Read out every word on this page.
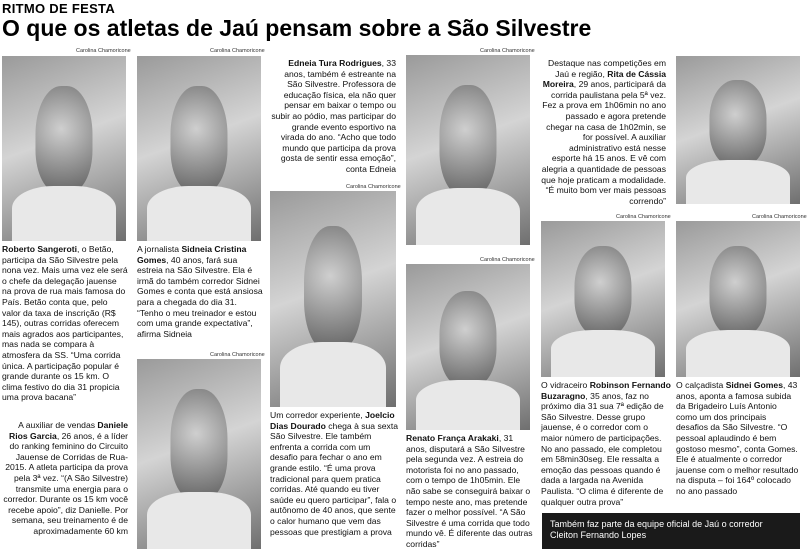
RITMO DE FESTA
O que os atletas de Jaú pensam sobre a São Silvestre
Carolina Chamoricone
Roberto Sangeroti, o Betão, participa da São Silvestre pela nona vez. Mais uma vez ele será o chefe da delegação jauense na prova de rua mais famosa do País. Betão conta que, pelo valor da taxa de inscrição (R$ 145), outras corridas oferecem mais agrados aos participantes, mas nada se compara à atmosfera da SS. “Uma corrida única. A participação popular é grande durante os 15 km. O clima festivo do dia 31 propicia uma prova bacana”
A auxiliar de vendas Daniele Rios Garcia, 26 anos, é a líder do ranking feminino do Circuito Jauense de Corridas de Rua-2015. A atleta participa da prova pela 3ª vez. “(A São Silvestre) transmite uma energia para o corredor. Durante os 15 km você recebe apoio”, diz Danielle. Por semana, seu treinamento é de aproximadamente 60 km
Carolina Chamoricone
A jornalista Sidneia Cristina Gomes, 40 anos, fará sua estreia na São Silvestre. Ela é irmã do também corredor Sidnei Gomes e conta que está ansiosa para a chegada do dia 31. “Tenho o meu treinador e estou com uma grande expectativa”, afirma Sidneia
Carolina Chamoricone
Edneia Tura Rodrigues, 33 anos, também é estreante na São Silvestre. Professora de educação física, ela não quer pensar em baixar o tempo ou subir ao pódio, mas participar do grande evento esportivo na virada do ano. “Acho que todo mundo que participa da prova gosta de sentir essa emoção”, conta Edneia
Carolina Chamoricone
Um corredor experiente, Joelcio Dias Dourado chega à sua sexta São Silvestre. Ele também enfrenta a corrida com um desafio para fechar o ano em grande estilo. “É uma prova tradicional para quem pratica corridas. Até quando eu tiver saúde eu quero participar”, fala o autônomo de 40 anos, que sente o calor humano que vem das pessoas que prestigiam a prova
Carolina Chamoricone
Carolina Chamoricone
Renato França Arakaki, 31 anos, disputará a São Silvestre pela segunda vez. A estreia do motorista foi no ano passado, com o tempo de 1h05min. Ele não sabe se conseguirá baixar o tempo neste ano, mas pretende fazer o melhor possível. “A São Silvestre é uma corrida que todo mundo vê. É diferente das outras corridas”
Destaque nas competições em Jaú e região, Rita de Cássia Moreira, 29 anos, participará da corrida paulistana pela 5ª vez. Fez a prova em 1h06min no ano passado e agora pretende chegar na casa de 1h02min, se for possível. A auxiliar administrativo está nesse esporte há 15 anos. E vê com alegria a quantidade de pessoas que hoje praticam a modalidade. “É muito bom ver mais pessoas correndo”
Carolina Chamoricone
O vidraceiro Robinson Fernando Buzaragno, 35 anos, faz no próximo dia 31 sua 7ª edição de São Silvestre. Desse grupo jauense, é o corredor com o maior número de participações. No ano passado, ele completou em 58min30seg. Ele ressalta a emoção das pessoas quando é dada a largada na Avenida Paulista. “O clima é diferente de qualquer outra prova”
Carolina Chamoricone
O calçadista Sidnei Gomes, 43 anos, aponta a famosa subida da Brigadeiro Luís Antonio como um dos principais desafios da São Silvestre. “O pessoal aplaudindo é bem gostoso mesmo”, conta Gomes. Ele é atualmente o corredor jauense com o melhor resultado na disputa – foi 164º colocado no ano passado
Também faz parte da equipe oficial de Jaú o corredor Cleiton Fernando Lopes
